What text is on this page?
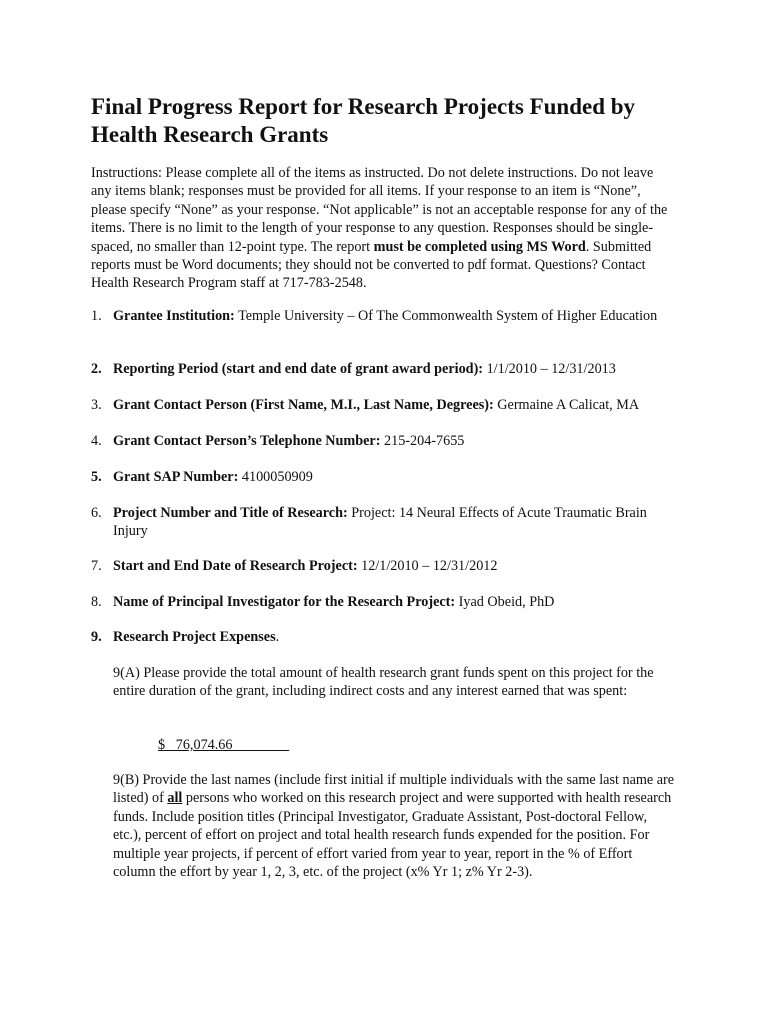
Final Progress Report for Research Projects Funded by Health Research Grants

Instructions: Please complete all of the items as instructed. Do not delete instructions. Do not leave any items blank; responses must be provided for all items. If your response to an item is “None”, please specify “None” as your response. “Not applicable” is not an acceptable response for any of the items. There is no limit to the length of your response to any question. Responses should be single-spaced, no smaller than 12-point type. The report must be completed using MS Word. Submitted reports must be Word documents; they should not be converted to pdf format. Questions? Contact Health Research Program staff at 717-783-2548.

1. Grantee Institution: Temple University – Of The Commonwealth System of Higher Education
2. Reporting Period (start and end date of grant award period): 1/1/2010 – 12/31/2013
3. Grant Contact Person (First Name, M.I., Last Name, Degrees): Germaine A Calicat, MA
4. Grant Contact Person’s Telephone Number: 215-204-7655
5. Grant SAP Number: 4100050909
6. Project Number and Title of Research: Project: 14 Neural Effects of Acute Traumatic Brain Injury
7. Start and End Date of Research Project: 12/1/2010 – 12/31/2012
8. Name of Principal Investigator for the Research Project: Iyad Obeid, PhD
9. Research Project Expenses.

9(A) Please provide the total amount of health research grant funds spent on this project for the entire duration of the grant, including indirect costs and any interest earned that was spent:

$   76,074.66

9(B) Provide the last names (include first initial if multiple individuals with the same last name are listed) of all persons who worked on this research project and were supported with health research funds. Include position titles (Principal Investigator, Graduate Assistant, Post-doctoral Fellow, etc.), percent of effort on project and total health research funds expended for the position. For multiple year projects, if percent of effort varied from year to year, report in the % of Effort column the effort by year 1, 2, 3, etc. of the project (x% Yr 1; z% Yr 2-3).
